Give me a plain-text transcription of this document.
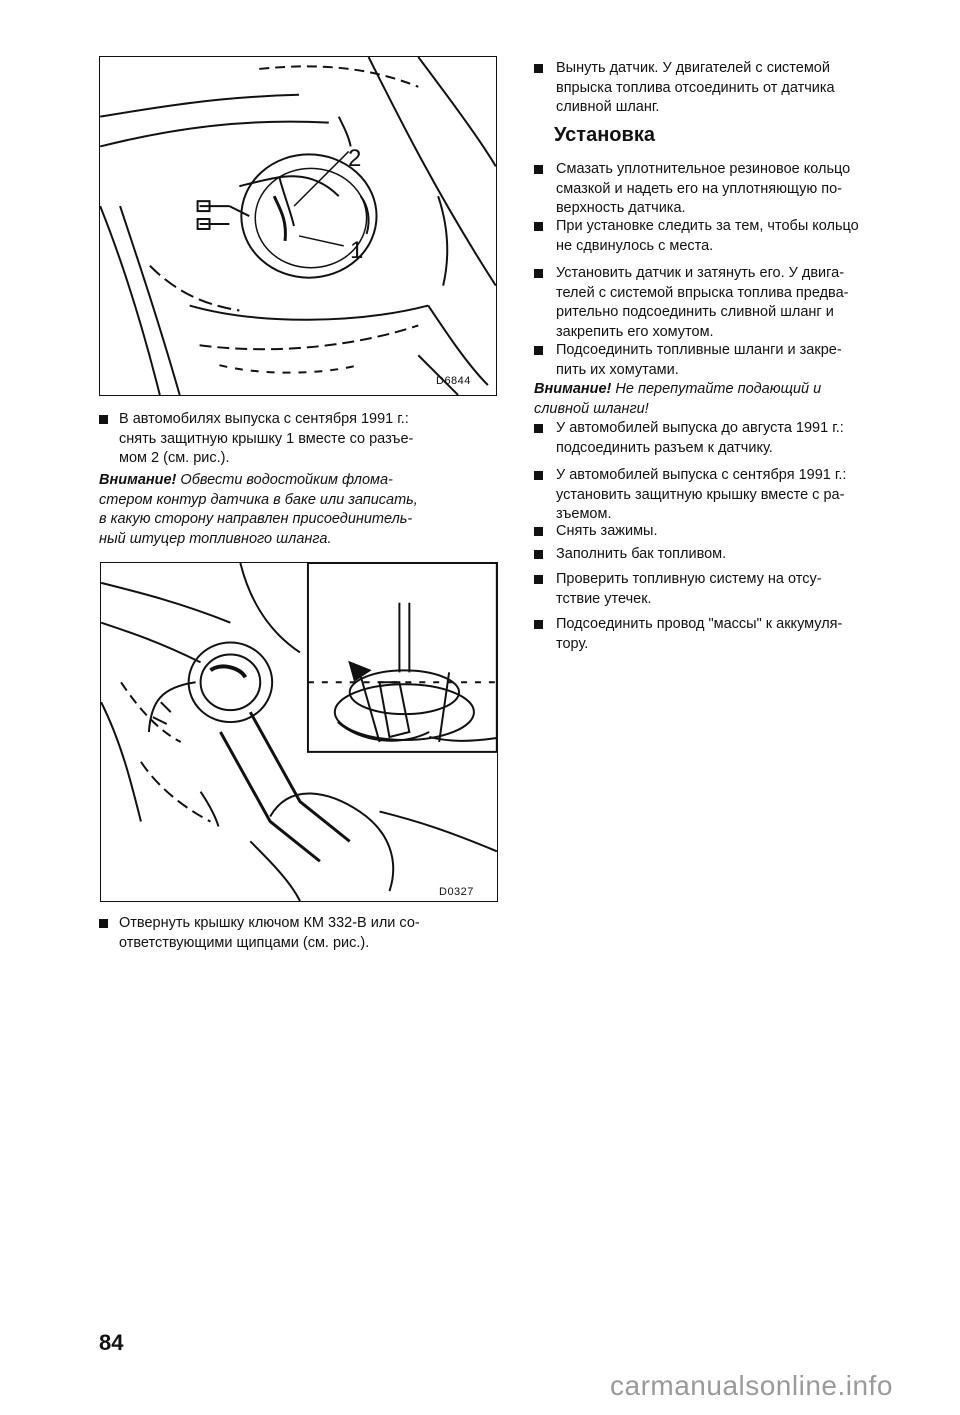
2
1
D6844
В автомобилях выпуска с сентября 1991 г.:
снять защитную крышку 1 вместе со разъе-
мом 2 (см. рис.).
Внимание! Обвести водостойким флома-
стером контур датчика в баке или записать,
в какую сторону направлен присоединитель-
ный штуцер топливного шланга.
D0327
Отвернуть крышку ключом КМ 332-В или со-
ответствующими щипцами (см. рис.).
Вынуть датчик. У двигателей с системой
впрыска топлива отсоединить от датчика
сливной шланг.
Установка
Смазать уплотнительное резиновое кольцо
смазкой и надеть его на уплотняющую по-
верхность датчика.
При установке следить за тем, чтобы кольцо
не сдвинулось с места.
Установить датчик и затянуть его. У двига-
телей с системой впрыска топлива предва-
рительно подсоединить сливной шланг и
закрепить его хомутом.
Подсоединить топливные шланги и закре-
пить их хомутами.
Внимание! Не перепутайте подающий и
сливной шланги!
У автомобилей выпуска до августа 1991 г.:
подсоединить разъем к датчику.
У автомобилей выпуска с сентября 1991 г.:
установить защитную крышку вместе с ра-
зъемом.
Снять зажимы.
Заполнить бак топливом.
Проверить топливную систему на отсу-
тствие утечек.
Подсоединить провод "массы" к аккумуля-
тору.
84
carmanualsonline.info
